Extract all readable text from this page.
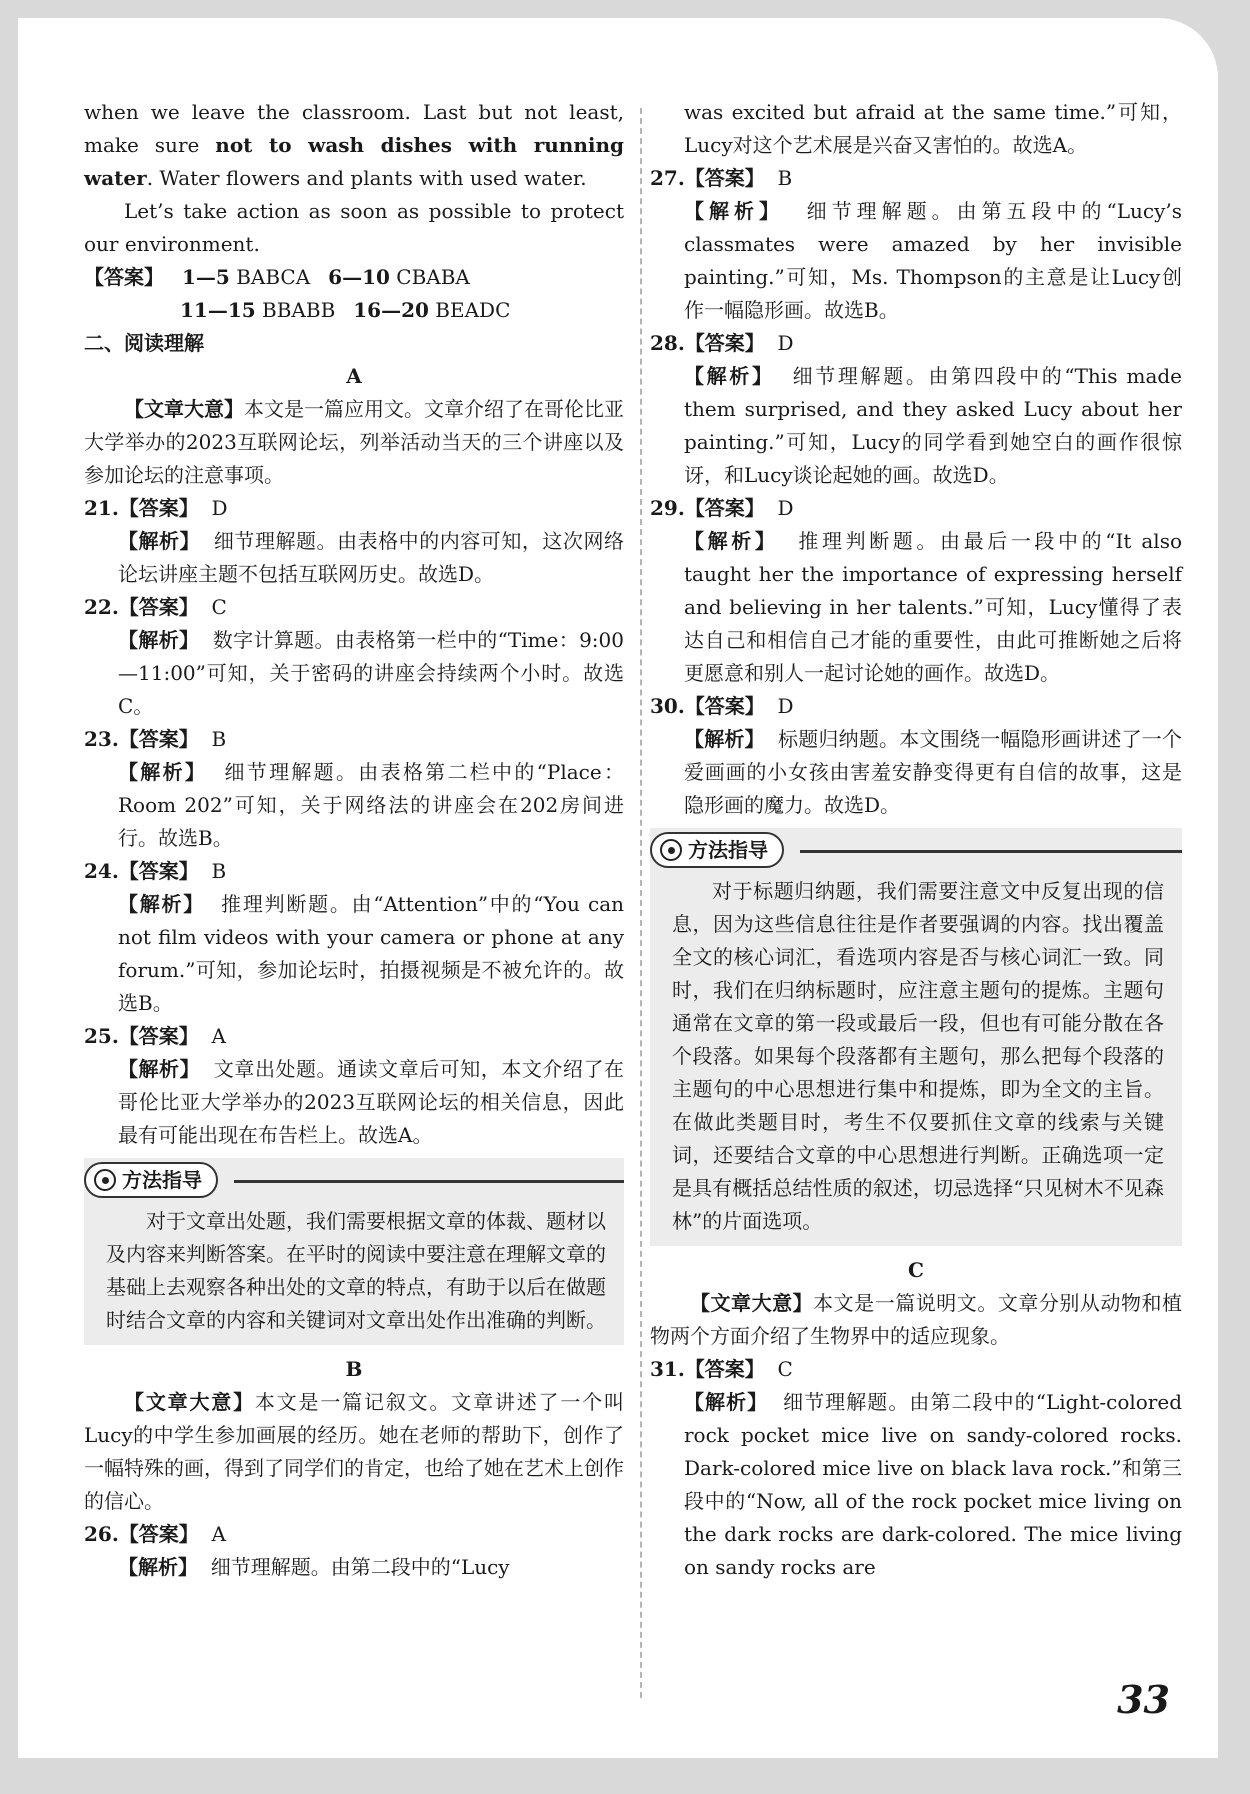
when we leave the classroom. Last but not least, make sure not to wash dishes with running water. Water flowers and plants with used water.

Let’s take action as soon as possible to protect our environment.

【答案】 1—5 BABCA 6—10 CBABA
11—15 BBABB 16—20 BEADC

二、阅读理解

A

【文章大意】本文是一篇应用文。文章介绍了在哥伦比亚大学举办的2023互联网论坛，列举活动当天的三个讲座以及参加论坛的注意事项。

21.【答案】 D

【解析】 细节理解题。由表格中的内容可知，这次网络论坛讲座主题不包括互联网历史。故选D。

22.【答案】 C

【解析】 数字计算题。由表格第一栏中的“Time：9:00—11:00”可知，关于密码的讲座会持续两个小时。故选C。

23.【答案】 B

【解析】 细节理解题。由表格第二栏中的“Place：Room 202”可知，关于网络法的讲座会在202房间进行。故选B。

24.【答案】 B

【解析】 推理判断题。由“Attention”中的“You can not film videos with your camera or phone at any forum.”可知，参加论坛时，拍摄视频是不被允许的。故选B。

25.【答案】 A

【解析】 文章出处题。通读文章后可知，本文介绍了在哥伦比亚大学举办的2023互联网论坛的相关信息，因此最有可能出现在布告栏上。故选A。

方法指导

对于文章出处题，我们需要根据文章的体裁、题材以及内容来判断答案。在平时的阅读中要注意在理解文章的基础上去观察各种出处的文章的特点，有助于以后在做题时结合文章的内容和关键词对文章出处作出准确的判断。

B

【文章大意】本文是一篇记叙文。文章讲述了一个叫Lucy的中学生参加画展的经历。她在老师的帮助下，创作了一幅特殊的画，得到了同学们的肯定，也给了她在艺术上创作的信心。

26.【答案】 A

【解析】 细节理解题。由第二段中的“Lucy

was excited but afraid at the same time.”可知，Lucy对这个艺术展是兴奋又害怕的。故选A。

27.【答案】 B

【解析】 细节理解题。由第五段中的“Lucy’s classmates were amazed by her invisible painting.”可知，Ms. Thompson的主意是让Lucy创作一幅隐形画。故选B。

28.【答案】 D

【解析】 细节理解题。由第四段中的“This made them surprised, and they asked Lucy about her painting.”可知，Lucy的同学看到她空白的画作很惊讶，和Lucy谈论起她的画。故选D。

29.【答案】 D

【解析】 推理判断题。由最后一段中的“It also taught her the importance of expressing herself and believing in her talents.”可知，Lucy懂得了表达自己和相信自己才能的重要性，由此可推断她之后将更愿意和别人一起讨论她的画作。故选D。

30.【答案】 D

【解析】 标题归纳题。本文围绕一幅隐形画讲述了一个爱画画的小女孩由害羞安静变得更有自信的故事，这是隐形画的魔力。故选D。

方法指导

对于标题归纳题，我们需要注意文中反复出现的信息，因为这些信息往往是作者要强调的内容。找出覆盖全文的核心词汇，看选项内容是否与核心词汇一致。同时，我们在归纳标题时，应注意主题句的提炼。主题句通常在文章的第一段或最后一段，但也有可能分散在各个段落。如果每个段落都有主题句，那么把每个段落的主题句的中心思想进行集中和提炼，即为全文的主旨。在做此类题目时，考生不仅要抓住文章的线索与关键词，还要结合文章的中心思想进行判断。正确选项一定是具有概括总结性质的叙述，切忌选择“只见树木不见森林”的片面选项。

C

【文章大意】本文是一篇说明文。文章分别从动物和植物两个方面介绍了生物界中的适应现象。

31.【答案】 C

【解析】 细节理解题。由第二段中的“Light-colored rock pocket mice live on sandy-colored rocks. Dark-colored mice live on black lava rock.”和第三段中的“Now, all of the rock pocket mice living on the dark rocks are dark-colored. The mice living on sandy rocks are

33
